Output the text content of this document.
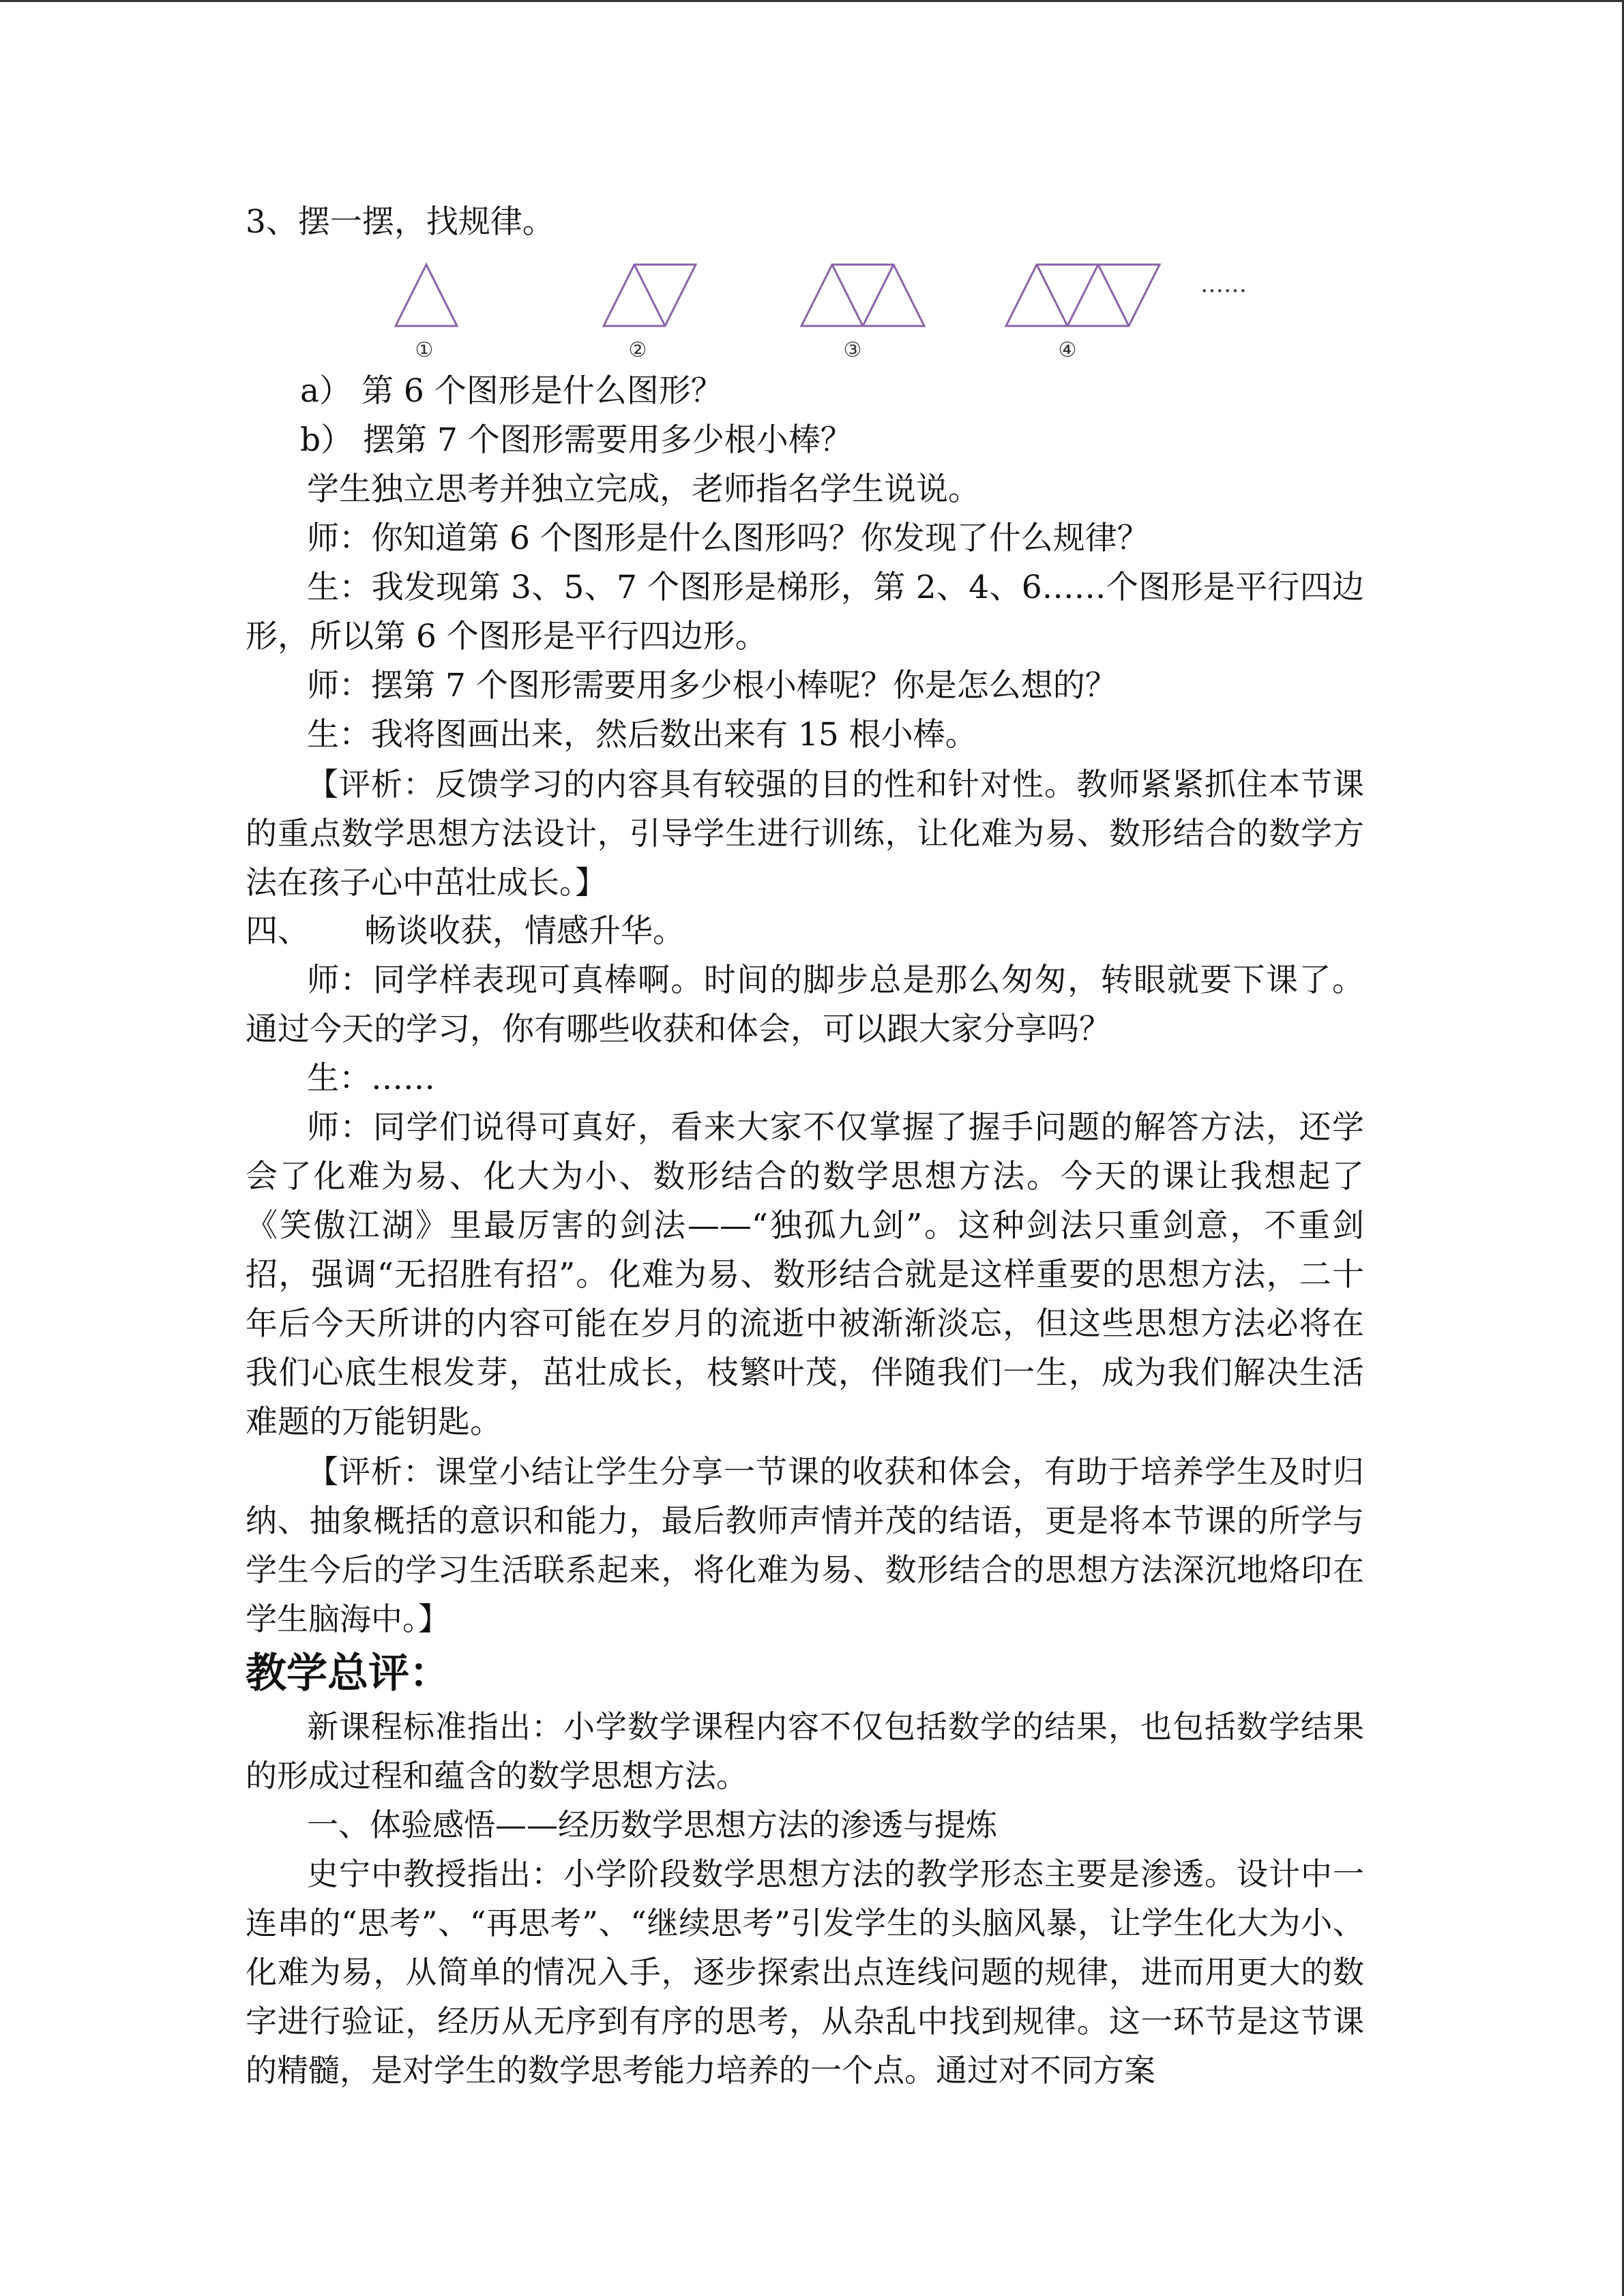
3、摆一摆，找规律。

①	②	③	④
……

a） 第 6 个图形是什么图形？

b） 摆第 7 个图形需要用多少根小棒？

学生独立思考并独立完成，老师指名学生说说。

师：你知道第 6 个图形是什么图形吗？你发现了什么规律？

生：我发现第 3、5、7 个图形是梯形，第 2、4、6……个图形是平行四边形，所以第 6 个图形是平行四边形。

师：摆第 7 个图形需要用多少根小棒呢？你是怎么想的？

生：我将图画出来，然后数出来有 15 根小棒。

【评析：反馈学习的内容具有较强的目的性和针对性。教师紧紧抓住本节课的重点数学思想方法设计，引导学生进行训练，让化难为易、数形结合的数学方法在孩子心中茁壮成长。】

四、 畅谈收获，情感升华。

师：同学样表现可真棒啊。时间的脚步总是那么匆匆，转眼就要下课了。通过今天的学习，你有哪些收获和体会，可以跟大家分享吗？

生：……

师：同学们说得可真好，看来大家不仅掌握了握手问题的解答方法，还学会了化难为易、化大为小、数形结合的数学思想方法。今天的课让我想起了《笑傲江湖》里最厉害的剑法——“独孤九剑”。这种剑法只重剑意，不重剑招，强调“无招胜有招”。化难为易、数形结合就是这样重要的思想方法，二十年后今天所讲的内容可能在岁月的流逝中被渐渐淡忘，但这些思想方法必将在我们心底生根发芽，茁壮成长，枝繁叶茂，伴随我们一生，成为我们解决生活难题的万能钥匙。

【评析：课堂小结让学生分享一节课的收获和体会，有助于培养学生及时归纳、抽象概括的意识和能力，最后教师声情并茂的结语，更是将本节课的所学与学生今后的学习生活联系起来，将化难为易、数形结合的思想方法深沉地烙印在学生脑海中。】

教学总评：

新课程标准指出：小学数学课程内容不仅包括数学的结果，也包括数学结果的形成过程和蕴含的数学思想方法。

一、体验感悟——经历数学思想方法的渗透与提炼

史宁中教授指出：小学阶段数学思想方法的教学形态主要是渗透。设计中一连串的“思考”、“再思考”、“继续思考”引发学生的头脑风暴，让学生化大为小、化难为易，从简单的情况入手，逐步探索出点连线问题的规律，进而用更大的数字进行验证，经历从无序到有序的思考，从杂乱中找到规律。这一环节是这节课的精髓，是对学生的数学思考能力培养的一个点。通过对不同方案
